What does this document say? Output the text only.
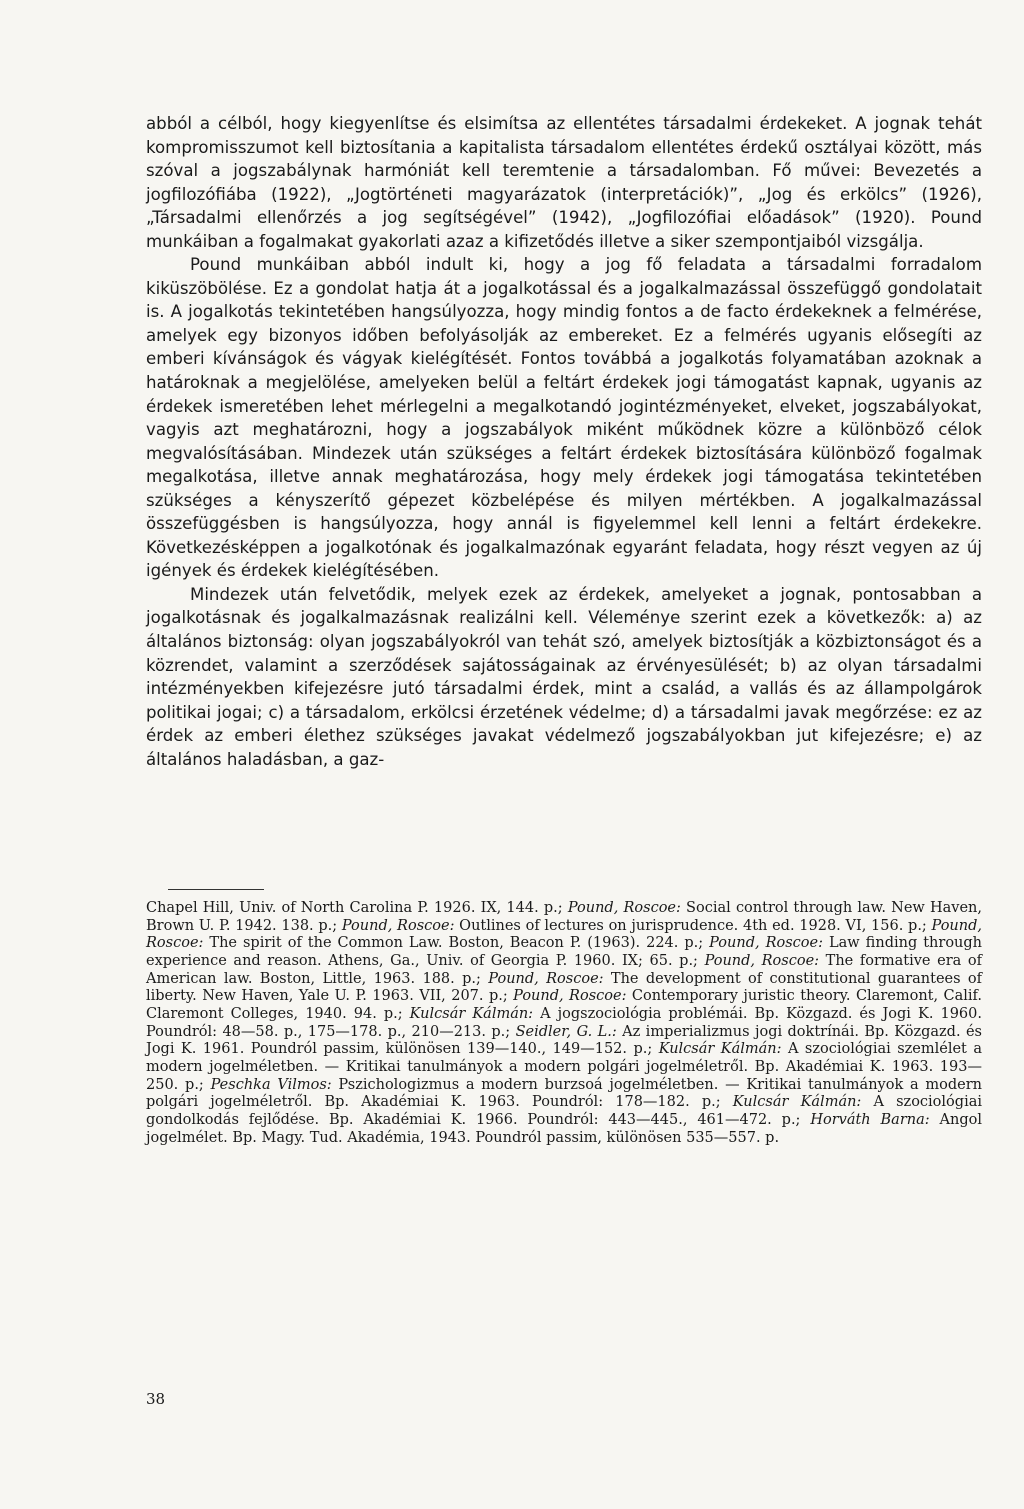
abból a célból, hogy kiegyenlítse és elsimítsa az ellentétes társadalmi érdekeket. A jognak tehát kompromisszumot kell biztosítania a kapitalista társadalom ellentétes érdekű osztályai között, más szóval a jogszabálynak harmóniát kell teremtenie a társadalomban. Fő művei: Bevezetés a jogfilozófiába (1922), „Jogtörténeti magyarázatok (interpretációk)”, „Jog és erkölcs” (1926), „Társadalmi ellenőrzés a jog segítségével” (1942), „Jogfilozófiai előadások” (1920). Pound munkáiban a fogalmakat gyakorlati azaz a kifizetődés illetve a siker szempontjaiból vizsgálja.

Pound munkáiban abból indult ki, hogy a jog fő feladata a társadalmi forradalom kiküszöbölése. Ez a gondolat hatja át a jogalkotással és a jogalkalmazással összefüggő gondolatait is. A jogalkotás tekintetében hangsúlyozza, hogy mindig fontos a de facto érdekeknek a felmérése, amelyek egy bizonyos időben befolyásolják az embereket. Ez a felmérés ugyanis elősegíti az emberi kívánságok és vágyak kielégítését. Fontos továbbá a jogalkotás folyamatában azoknak a határoknak a megjelölése, amelyeken belül a feltárt érdekek jogi támogatást kapnak, ugyanis az érdekek ismeretében lehet mérlegelni a megalkotandó jogintézményeket, elveket, jogszabályokat, vagyis azt meghatározni, hogy a jogszabályok miként működnek közre a különböző célok megvalósításában. Mindezek után szükséges a feltárt érdekek biztosítására különböző fogalmak megalkotása, illetve annak meghatározása, hogy mely érdekek jogi támogatása tekintetében szükséges a kényszerítő gépezet közbelépése és milyen mértékben. A jogalkalmazással összefüggésben is hangsúlyozza, hogy annál is figyelemmel kell lenni a feltárt érdekekre. Következésképpen a jogalkotónak és jogalkalmazónak egyaránt feladata, hogy részt vegyen az új igények és érdekek kielégítésében.

Mindezek után felvetődik, melyek ezek az érdekek, amelyeket a jognak, pontosabban a jogalkotásnak és jogalkalmazásnak realizálni kell. Véleménye szerint ezek a következők: a) az általános biztonság: olyan jogszabályokról van tehát szó, amelyek biztosítják a közbiztonságot és a közrendet, valamint a szerződések sajátosságainak az érvényesülését; b) az olyan társadalmi intézményekben kifejezésre jutó társadalmi érdek, mint a család, a vallás és az állampolgárok politikai jogai; c) a társadalom, erkölcsi érzetének védelme; d) a társadalmi javak megőrzése: ez az érdek az emberi élethez szükséges javakat védelmező jogszabályokban jut kifejezésre; e) az általános haladásban, a gaz-

Chapel Hill, Univ. of North Carolina P. 1926. IX, 144. p.; Pound, Roscoe: Social control through law. New Haven, Brown U. P. 1942. 138. p.; Pound, Roscoe: Outlines of lectures on jurisprudence. 4th ed. 1928. VI, 156. p.; Pound, Roscoe: The spirit of the Common Law. Boston, Beacon P. (1963). 224. p.; Pound, Roscoe: Law finding through experience and reason. Athens, Ga., Univ. of Georgia P. 1960. IX; 65. p.; Pound, Roscoe: The formative era of American law. Boston, Little, 1963. 188. p.; Pound, Roscoe: The development of constitutional guarantees of liberty. New Haven, Yale U. P. 1963. VII, 207. p.; Pound, Roscoe: Contemporary juristic theory. Claremont, Calif. Claremont Colleges, 1940. 94. p.; Kulcsár Kálmán: A jogszociológia problémái. Bp. Közgazd. és Jogi K. 1960. Poundról: 48—58. p., 175—178. p., 210—213. p.; Seidler, G. L.: Az imperializmus jogi doktrínái. Bp. Közgazd. és Jogi K. 1961. Poundról passim, különösen 139—140., 149—152. p.; Kulcsár Kálmán: A szociológiai szemlélet a modern jogelméletben. — Kritikai tanulmányok a modern polgári jogelméletről. Bp. Akadémiai K. 1963. 193—250. p.; Peschka Vilmos: Pszichologizmus a modern burzsoá jogelméletben. — Kritikai tanulmányok a modern polgári jogelméletről. Bp. Akadémiai K. 1963. Poundról: 178—182. p.; Kulcsár Kálmán: A szociológiai gondolkodás fejlődése. Bp. Akadémiai K. 1966. Poundról: 443—445., 461—472. p.; Horváth Barna: Angol jogelmélet. Bp. Magy. Tud. Akadémia, 1943. Poundról passim, különösen 535—557. p.
38
